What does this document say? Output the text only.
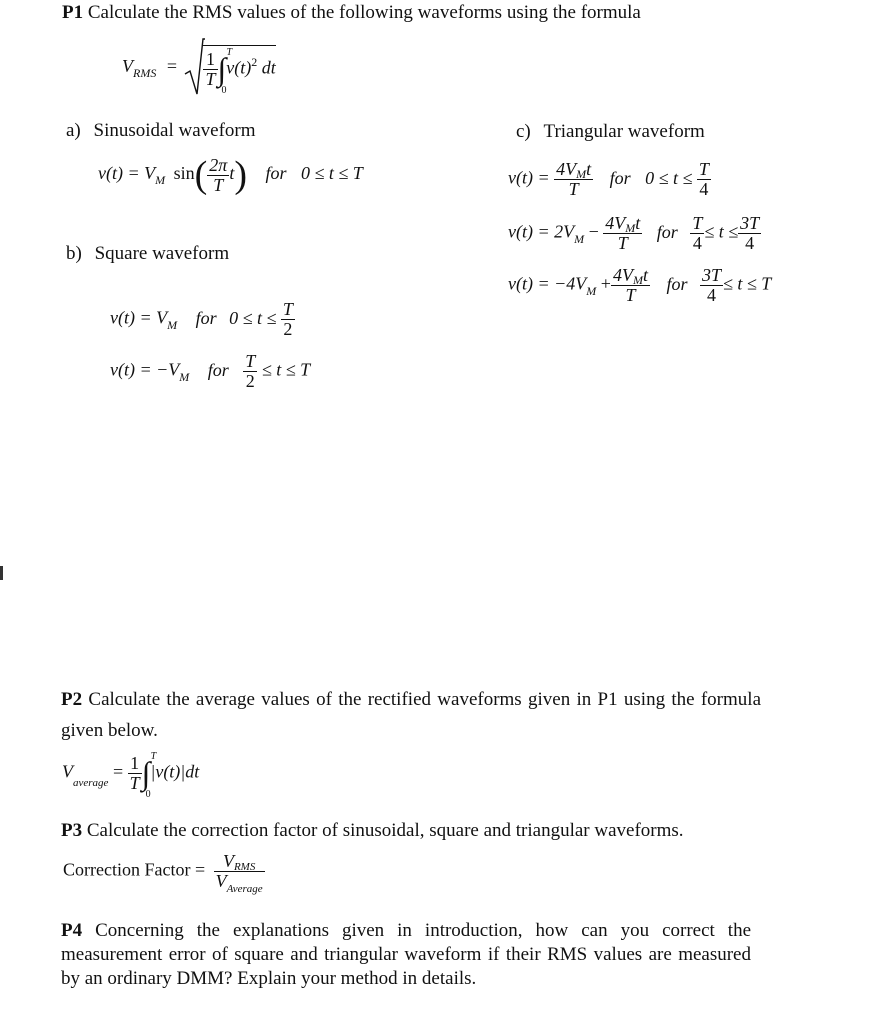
P1 Calculate the RMS values of the following waveforms using the formula
$V_{RMS} = \frac{1}{T}$ ∫ T
0
$v(t)^2$ dt
a) Sinusoidal waveform
$v(t) = V_M$ $\sin( \frac{2\pi}{T} t)$ for 0 ≤ t ≤ T
b) Square waveform
$v(t) = V_M$ for $0 \le t \le \frac{T}{2}$
$v(t) = -V_M$ for $\frac{T}{2} \le t \le T$
c) Triangular waveform
$v(t) = \frac{\text{4VMt}}{T}$ for $0 \le t \le \frac{T}{4}$
$v(t) = 2V_M - \frac{\text{4VMt}}{T}$ for $\frac{T}{4} \le t \le \frac{3T}{4}$
$v(t) = -4V_M + \frac{\text{4VMt}}{T}$ for $\frac{3T}{4} \le t \le T$
P2 Calculate the average values of the rectified waveforms given in P1 using the formula given below.
$V_{average} = \frac{1}{T}$ ∫ T
0
|v(t)|dt
P3 Calculate the correction factor of sinusoidal, square and triangular waveforms.
Correction Factor = $\frac{\text{VRMS}}{V_{Average}}$
P4 Concerning the explanations given in introduction, how can you correct the measurement error of square and triangular waveform if their RMS values are measured by an ordinary DMM? Explain your method in details.
